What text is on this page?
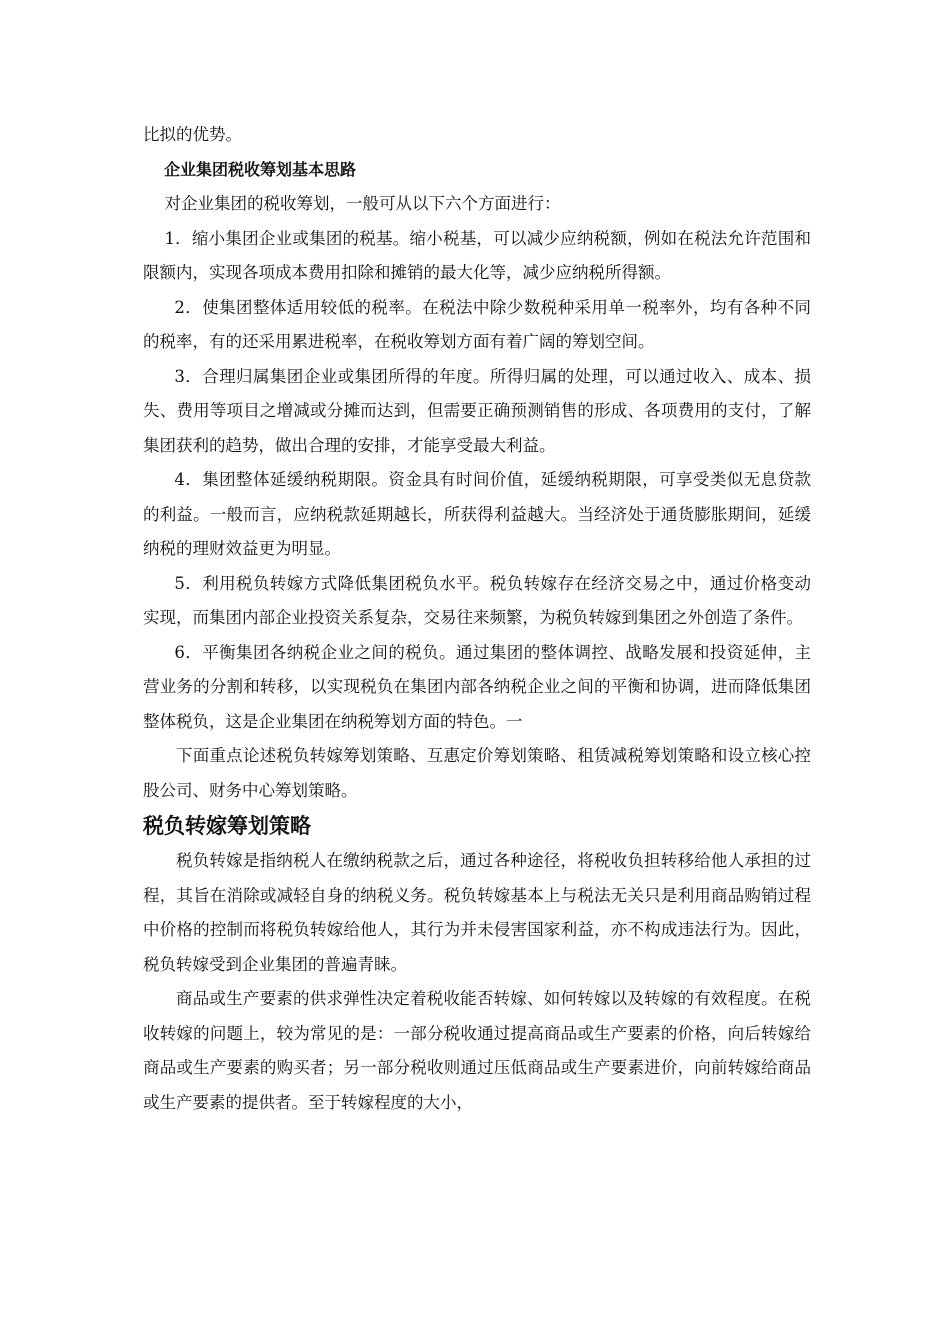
比拟的优势。

企业集团税收筹划基本思路

对企业集团的税收筹划，一般可从以下六个方面进行：

1．缩小集团企业或集团的税基。缩小税基，可以减少应纳税额，例如在税法允许范围和限额内，实现各项成本费用扣除和摊销的最大化等，减少应纳税所得额。

2．使集团整体适用较低的税率。在税法中除少数税种采用单一税率外，均有各种不同的税率，有的还采用累进税率，在税收筹划方面有着广阔的筹划空间。

3．合理归属集团企业或集团所得的年度。所得归属的处理，可以通过收入、成本、损失、费用等项目之增减或分摊而达到，但需要正确预测销售的形成、各项费用的支付，了解集团获利的趋势，做出合理的安排，才能享受最大利益。

4．集团整体延缓纳税期限。资金具有时间价值，延缓纳税期限，可享受类似无息贷款的利益。一般而言，应纳税款延期越长，所获得利益越大。当经济处于通货膨胀期间，延缓纳税的理财效益更为明显。

5．利用税负转嫁方式降低集团税负水平。税负转嫁存在经济交易之中，通过价格变动实现，而集团内部企业投资关系复杂，交易往来频繁，为税负转嫁到集团之外创造了条件。

6．平衡集团各纳税企业之间的税负。通过集团的整体调控、战略发展和投资延伸，主营业务的分割和转移，以实现税负在集团内部各纳税企业之间的平衡和协调，进而降低集团整体税负，这是企业集团在纳税筹划方面的特色。一

下面重点论述税负转嫁筹划策略、互惠定价筹划策略、租赁减税筹划策略和设立核心控股公司、财务中心筹划策略。

税负转嫁筹划策略

税负转嫁是指纳税人在缴纳税款之后，通过各种途径，将税收负担转移给他人承担的过程，其旨在消除或减轻自身的纳税义务。税负转嫁基本上与税法无关只是利用商品购销过程中价格的控制而将税负转嫁给他人，其行为并未侵害国家利益，亦不构成违法行为。因此，税负转嫁受到企业集团的普遍青睐。

商品或生产要素的供求弹性决定着税收能否转嫁、如何转嫁以及转嫁的有效程度。在税收转嫁的问题上，较为常见的是：一部分税收通过提高商品或生产要素的价格，向后转嫁给商品或生产要素的购买者；另一部分税收则通过压低商品或生产要素进价，向前转嫁给商品或生产要素的提供者。至于转嫁程度的大小，
